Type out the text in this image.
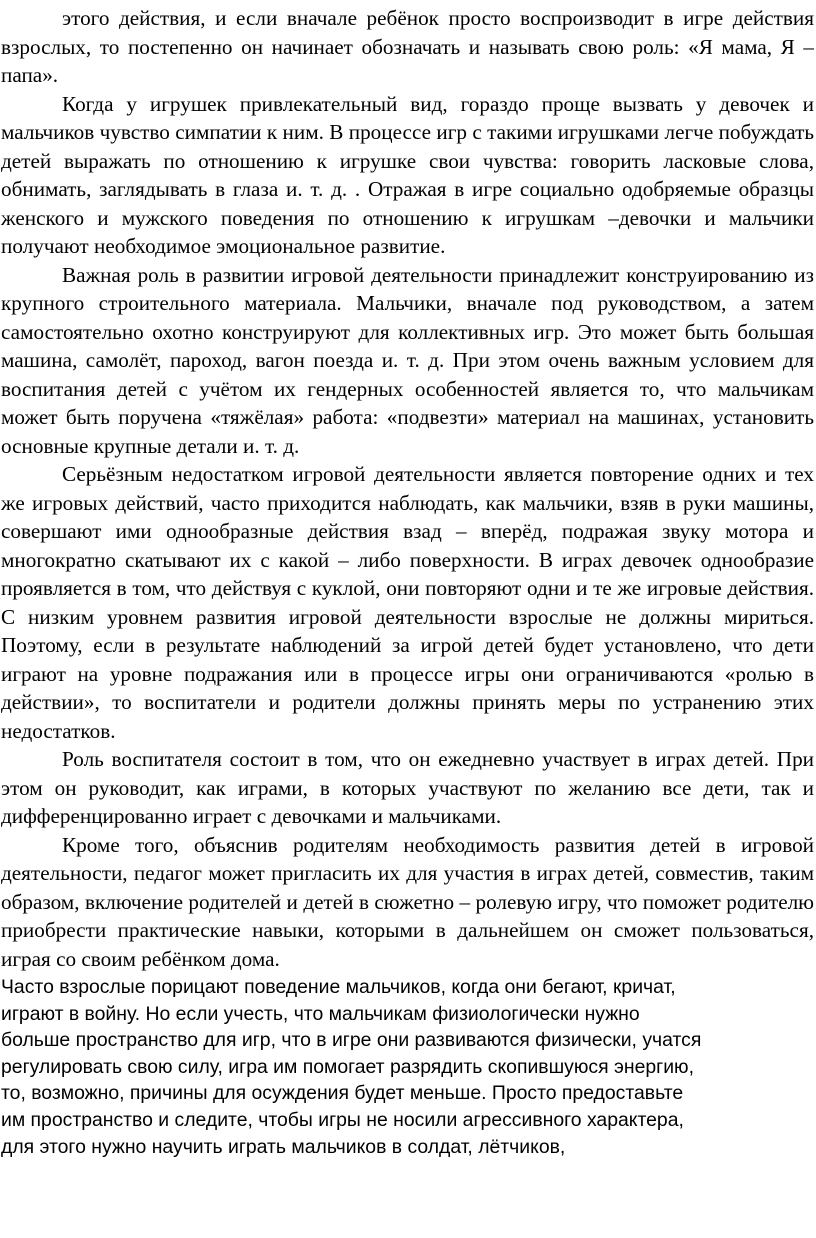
этого действия, и если вначале ребёнок просто воспроизводит в игре действия взрослых, то постепенно он начинает обозначать и называть свою роль: «Я мама, Я – папа».

Когда у игрушек привлекательный вид, гораздо проще вызвать у девочек и мальчиков чувство симпатии к ним. В процессе игр с такими игрушками легче побуждать детей выражать по отношению к игрушке свои чувства: говорить ласковые слова, обнимать, заглядывать в глаза и. т. д. . Отражая в игре социально одобряемые образцы женского и мужского поведения по отношению к игрушкам –девочки и мальчики получают необходимое эмоциональное развитие.

Важная роль в развитии игровой деятельности принадлежит конструированию из крупного строительного материала. Мальчики, вначале под руководством, а затем самостоятельно охотно конструируют для коллективных игр. Это может быть большая машина, самолёт, пароход, вагон поезда и. т. д. При этом очень важным условием для воспитания детей с учётом их гендерных особенностей является то, что мальчикам может быть поручена «тяжёлая» работа: «подвезти» материал на машинах, установить основные крупные детали и. т. д.

Серьёзным недостатком игровой деятельности является повторение одних и тех же игровых действий, часто приходится наблюдать, как мальчики, взяв в руки машины, совершают ими однообразные действия взад – вперёд, подражая звуку мотора и многократно скатывают их с какой – либо поверхности. В играх девочек однообразие проявляется в том, что действуя с куклой, они повторяют одни и те же игровые действия. С низким уровнем развития игровой деятельности взрослые не должны мириться. Поэтому, если в результате наблюдений за игрой детей будет установлено, что дети играют на уровне подражания или в процессе игры они ограничиваются «ролью в действии», то воспитатели и родители должны принять меры по устранению этих недостатков.

Роль воспитателя состоит в том, что он ежедневно участвует в играх детей. При этом он руководит, как играми, в которых участвуют по желанию все дети, так и дифференцированно играет с девочками и мальчиками.

Кроме того, объяснив родителям необходимость развития детей в игровой деятельности, педагог может пригласить их для участия в играх детей, совместив, таким образом, включение родителей и детей в сюжетно – ролевую игру, что поможет родителю приобрести практические навыки, которыми в дальнейшем он сможет пользоваться, играя со своим ребёнком дома.

Часто взрослые порицают поведение мальчиков, когда они бегают, кричат,
играют в войну. Но если учесть, что мальчикам физиологически нужно
больше пространство для игр, что в игре они развиваются физически, учатся
регулировать свою силу, игра им помогает разрядить скопившуюся энергию,
то, возможно, причины для осуждения будет меньше. Просто предоставьте
им пространство и следите, чтобы игры не носили агрессивного характера,
для этого нужно научить играть мальчиков в солдат, лётчиков,
